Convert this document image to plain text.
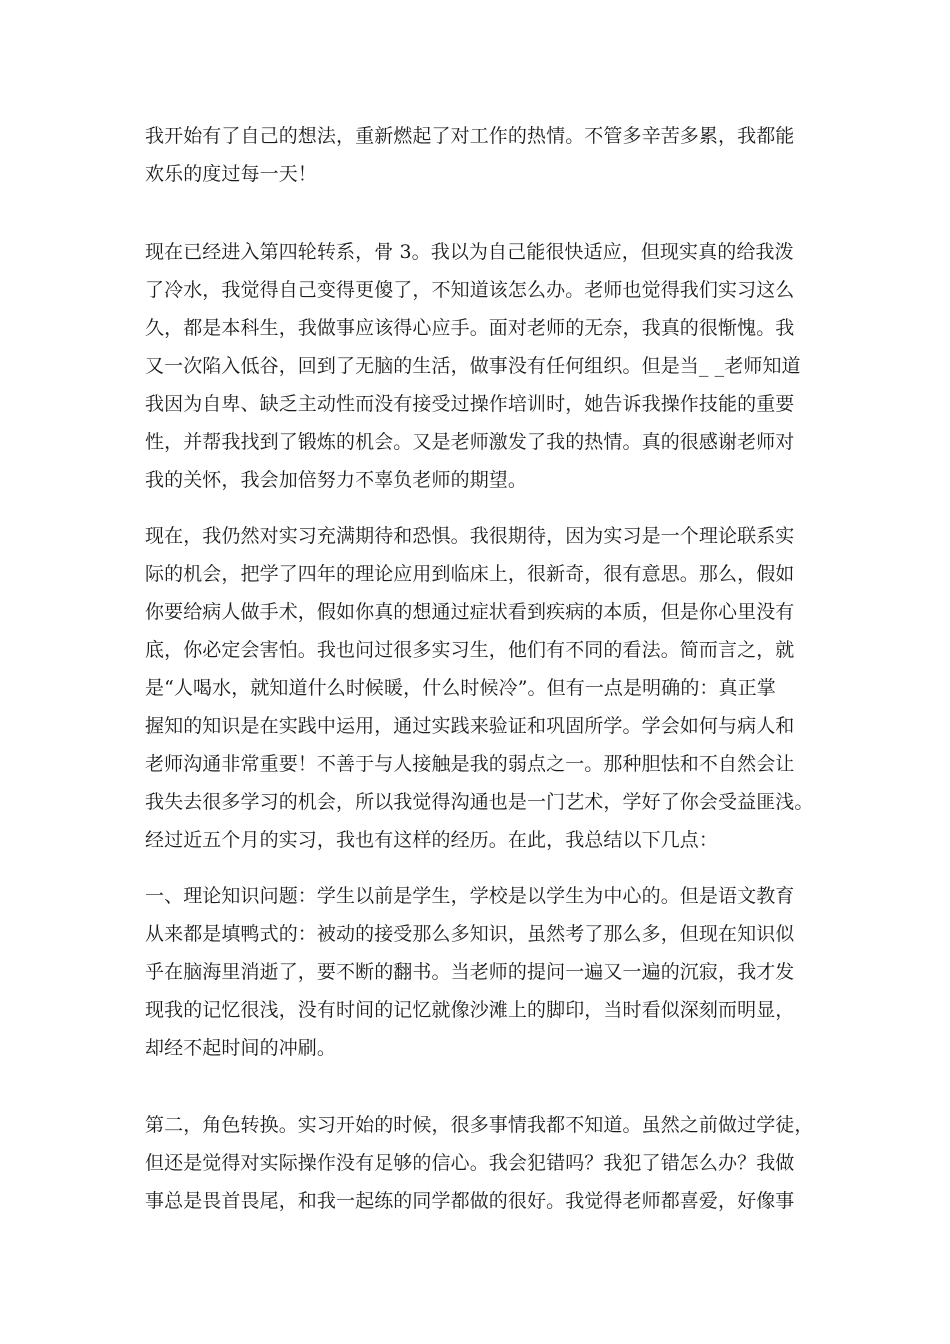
我开始有了自己的想法，重新燃起了对工作的热情。不管多辛苦多累，我都能
欢乐的度过每一天！
现在已经进入第四轮转系，骨 3。我以为自己能很快适应，但现实真的给我泼
了冷水，我觉得自己变得更傻了，不知道该怎么办。老师也觉得我们实习这么
久，都是本科生，我做事应该得心应手。面对老师的无奈，我真的很惭愧。我
又一次陷入低谷，回到了无脑的生活，做事没有任何组织。但是当_ _老师知道
我因为自卑、缺乏主动性而没有接受过操作培训时，她告诉我操作技能的重要
性，并帮我找到了锻炼的机会。又是老师激发了我的热情。真的很感谢老师对
我的关怀，我会加倍努力不辜负老师的期望。
现在，我仍然对实习充满期待和恐惧。我很期待，因为实习是一个理论联系实
际的机会，把学了四年的理论应用到临床上，很新奇，很有意思。那么，假如
你要给病人做手术，假如你真的想通过症状看到疾病的本质，但是你心里没有
底，你必定会害怕。我也问过很多实习生，他们有不同的看法。简而言之，就
是“人喝水，就知道什么时候暖，什么时候冷”。但有一点是明确的：真正掌
握知的知识是在实践中运用，通过实践来验证和巩固所学。学会如何与病人和
老师沟通非常重要！不善于与人接触是我的弱点之一。那种胆怯和不自然会让
我失去很多学习的机会，所以我觉得沟通也是一门艺术，学好了你会受益匪浅。
经过近五个月的实习，我也有这样的经历。在此，我总结以下几点：
一、理论知识问题：学生以前是学生，学校是以学生为中心的。但是语文教育
从来都是填鸭式的：被动的接受那么多知识，虽然考了那么多，但现在知识似
乎在脑海里消逝了，要不断的翻书。当老师的提问一遍又一遍的沉寂，我才发
现我的记忆很浅，没有时间的记忆就像沙滩上的脚印，当时看似深刻而明显，
却经不起时间的冲刷。
第二，角色转换。实习开始的时候，很多事情我都不知道。虽然之前做过学徒，
但还是觉得对实际操作没有足够的信心。我会犯错吗？我犯了错怎么办？我做
事总是畏首畏尾，和我一起练的同学都做的很好。我觉得老师都喜爱，好像事
